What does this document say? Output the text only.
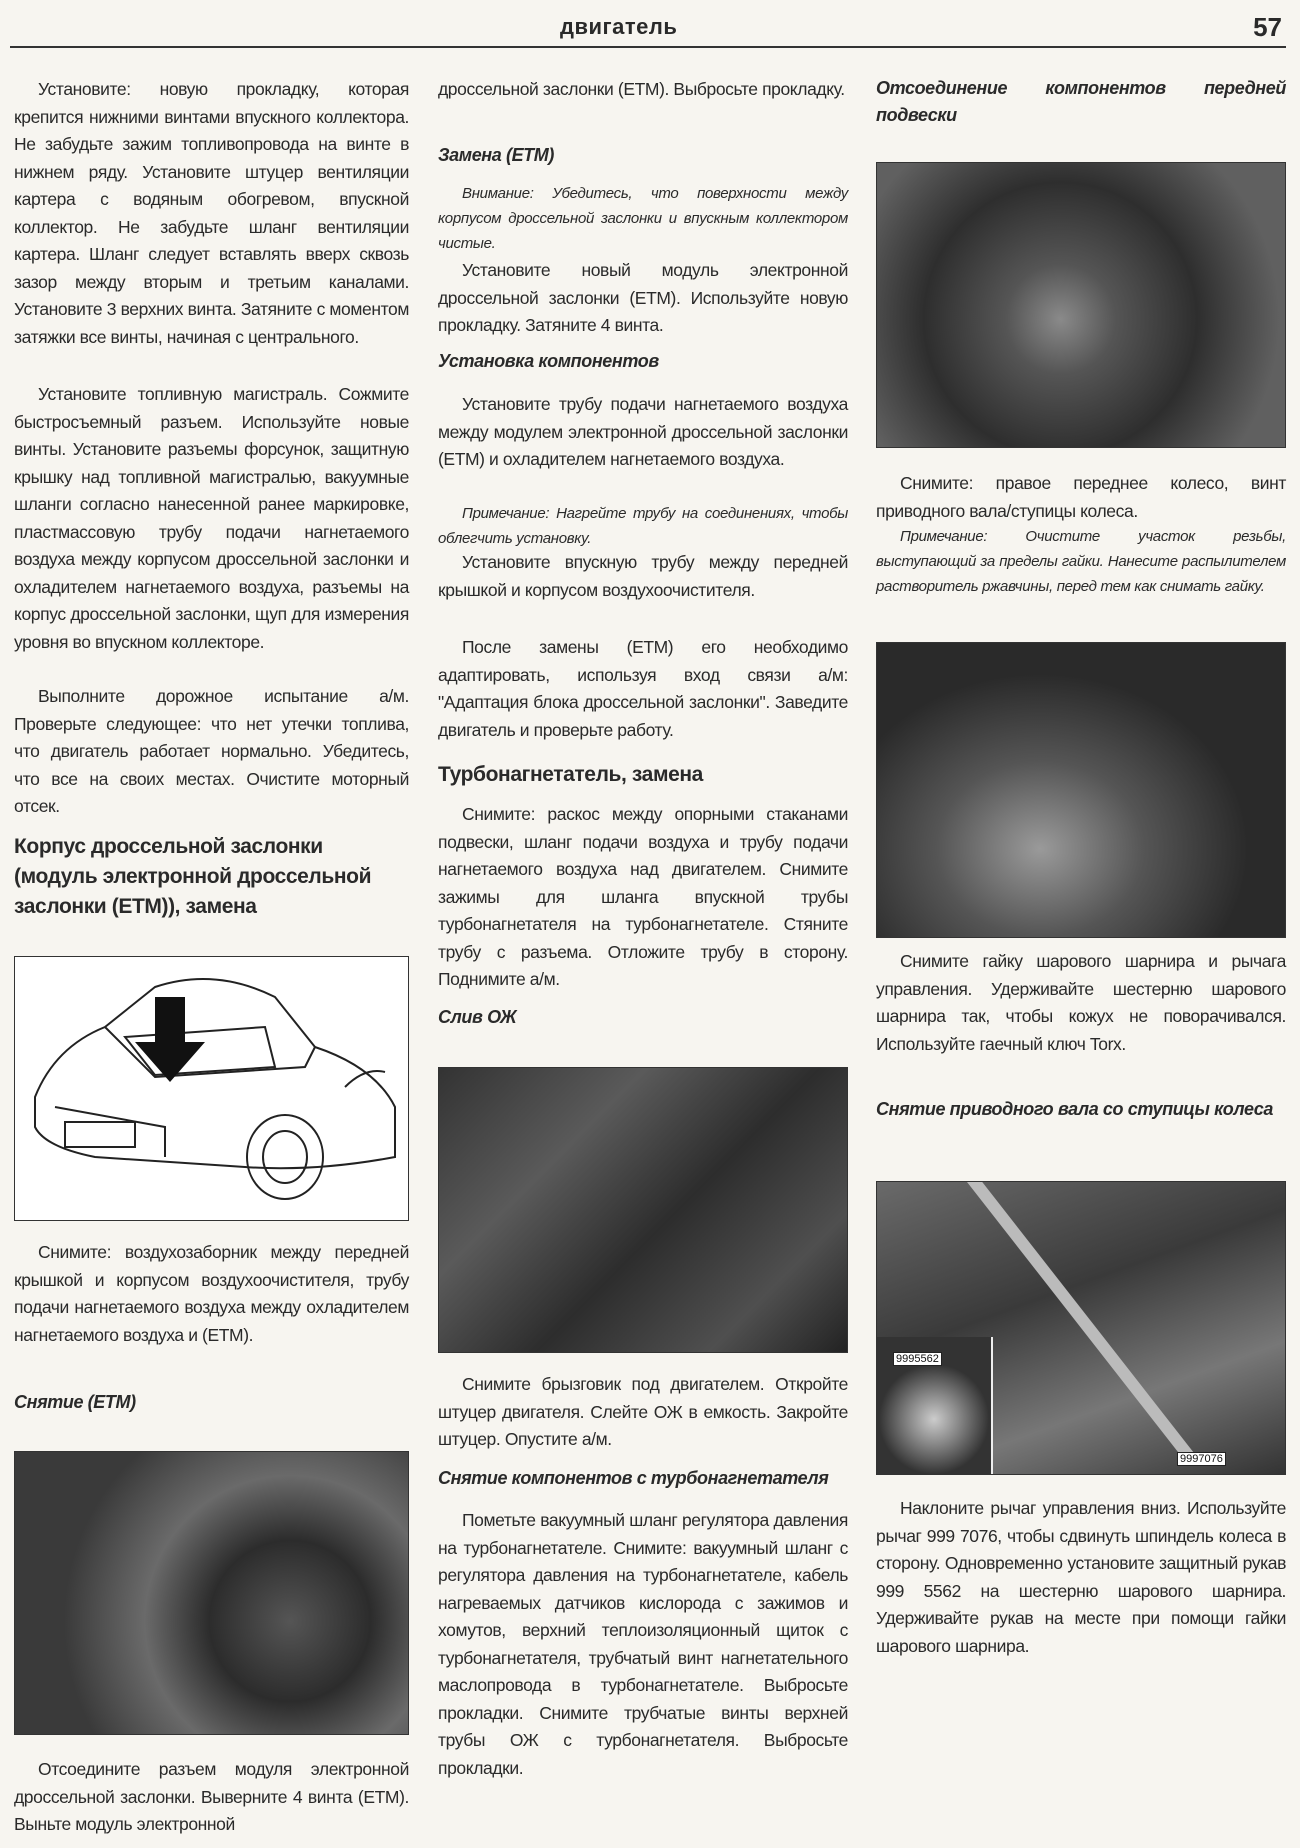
двигатель	57

Установите: новую прокладку, которая крепится нижними винтами впускного коллектора. Не забудьте зажим топливопровода на винте в нижнем ряду. Установите штуцер вентиляции картера с водяным обогревом, впускной коллектор. Не забудьте шланг вентиляции картера. Шланг следует вставлять вверх сквозь зазор между вторым и третьим каналами. Установите 3 верхних винта. Затяните с моментом затяжки все винты, начиная с центрального.

Установите топливную магистраль. Сожмите быстросъемный разъем. Используйте новые винты. Установите разъемы форсунок, защитную крышку над топливной магистралью, вакуумные шланги согласно нанесенной ранее маркировке, пластмассовую трубу подачи нагнетаемого воздуха между корпусом дроссельной заслонки и охладителем нагнетаемого воздуха, разъемы на корпус дроссельной заслонки, щуп для измерения уровня во впускном коллекторе.

Выполните дорожное испытание а/м. Проверьте следующее: что нет утечки топлива, что двигатель работает нормально. Убедитесь, что все на своих местах. Очистите моторный отсек.

Корпус дроссельной заслонки (модуль электронной дроссельной заслонки (ETM)), замена

Снимите: воздухозаборник между передней крышкой и корпусом воздухоочистителя, трубу подачи нагнетаемого воздуха между охладителем нагнетаемого воздуха и (ETM).

Снятие (ETM)

Отсоедините разъем модуля электронной дроссельной заслонки. Выверните 4 винта (ETM). Выньте модуль электронной

дроссельной заслонки (ETM). Выбросьте прокладку.

Замена (ETM)

Внимание: Убедитесь, что поверхности между корпусом дроссельной заслонки и впускным коллектором чистые.

Установите новый модуль электронной дроссельной заслонки (ETM). Используйте новую прокладку. Затяните 4 винта.

Установка компонентов

Установите трубу подачи нагнетаемого воздуха между модулем электронной дроссельной заслонки (ETM) и охладителем нагнетаемого воздуха.

Примечание: Нагрейте трубу на соединениях, чтобы облегчить установку.

Установите впускную трубу между передней крышкой и корпусом воздухоочистителя.

После замены (ETM) его необходимо адаптировать, используя вход связи а/м: "Адаптация блока дроссельной заслонки". Заведите двигатель и проверьте работу.

Турбонагнетатель, замена

Снимите: раскос между опорными стаканами подвески, шланг подачи воздуха и трубу подачи нагнетаемого воздуха над двигателем. Снимите зажимы для шланга впускной трубы турбонагнетателя на турбонагнетателе. Стяните трубу с разъема. Отложите трубу в сторону. Поднимите а/м.

Слив ОЖ

Снимите брызговик под двигателем. Откройте штуцер двигателя. Слейте ОЖ в емкость. Закройте штуцер. Опустите а/м.

Снятие компонентов с турбонагнетателя

Пометьте вакуумный шланг регулятора давления на турбонагнетателе. Снимите: вакуумный шланг с регулятора давления на турбонагнетателе, кабель нагреваемых датчиков кислорода с зажимов и хомутов, верхний теплоизоляционный щиток с турбонагнетателя, трубчатый винт нагнетательного маслопровода в турбонагнетателе. Выбросьте прокладки. Снимите трубчатые винты верхней трубы ОЖ с турбонагнетателя. Выбросьте прокладки.

Отсоединение компонентов передней подвески

Снимите: правое переднее колесо, винт приводного вала/ступицы колеса.

Примечание: Очистите участок резьбы, выступающий за пределы гайки. Нанесите распылителем растворитель ржавчины, перед тем как снимать гайку.

Снимите гайку шарового шарнира и рычага управления. Удерживайте шестерню шарового шарнира так, чтобы кожух не поворачивался. Используйте гаечный ключ Torx.

Снятие приводного вала со ступицы колеса
9995562
9997076

Наклоните рычаг управления вниз. Используйте рычаг 999 7076, чтобы сдвинуть шпиндель колеса в сторону. Одновременно установите защитный рукав 999 5562 на шестерню шарового шарнира. Удерживайте рукав на месте при помощи гайки шарового шарнира.
